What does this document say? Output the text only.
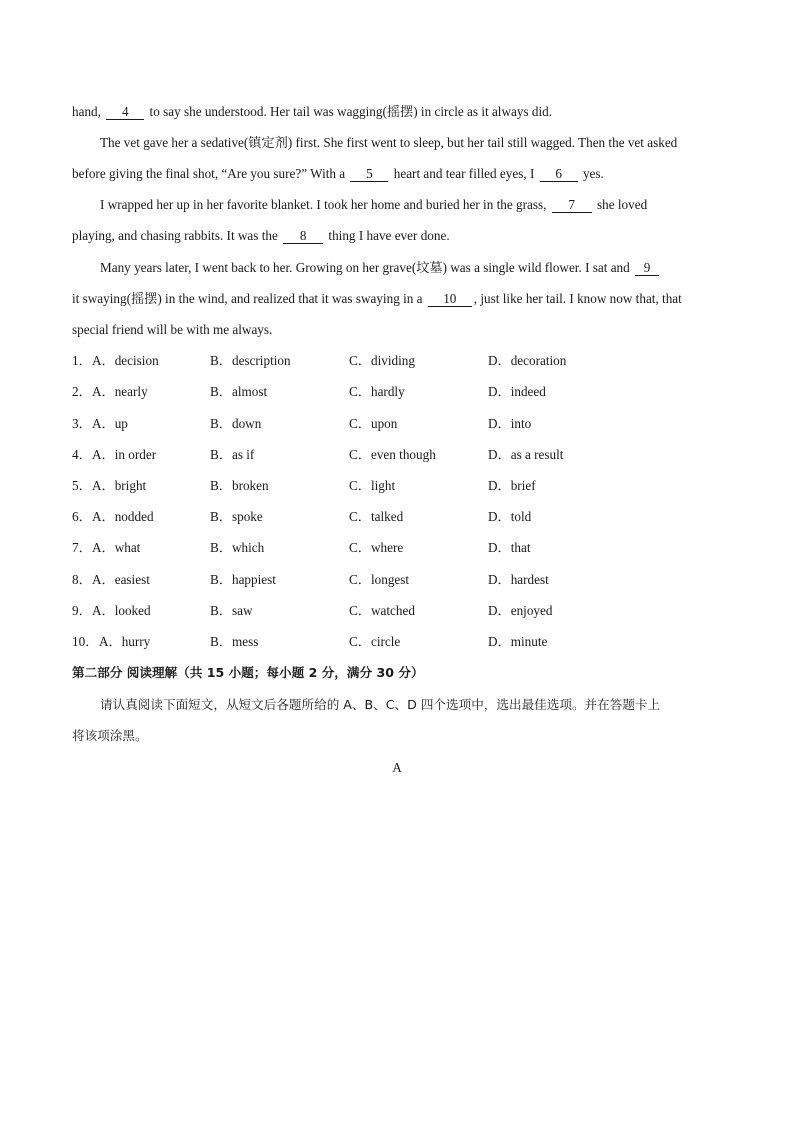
hand, 4 to say she understood. Her tail was wagging(摇摆) in circle as it always did.
The vet gave her a sedative(镇定剂) first. She first went to sleep, but her tail still wagged. Then the vet asked
before giving the final shot, “Are you sure?” With a 5 heart and tear filled eyes, I 6 yes.
I wrapped her up in her favorite blanket. I took her home and buried her in the grass, 7 she loved
playing, and chasing rabbits. It was the 8 thing I have ever done.
Many years later, I went back to her. Growing on her grave(坟墓) was a single wild flower. I sat and 9
it swaying(摇摆) in the wind, and realized that it was swaying in a 10 , just like her tail. I know now that, that
special friend will be with me always.
1． A．decision	B．description	C．dividing	D．decoration
2． A．nearly	B．almost	C．hardly	D．indeed
3． A．up	B．down	C．upon	D．into
4． A．in order	B．as if	C．even though	D．as a result
5． A．bright	B．broken	C．light	D．brief
6． A．nodded	B．spoke	C．talked	D．told
7． A．what	B．which	C．where	D．that
8． A．easiest	B．happiest	C．longest	D．hardest
9． A．looked	B．saw	C．watched	D．enjoyed
10． A．hurry	B．mess	C．circle	D．minute
第二部分 阅读理解（共 15 小题；每小题 2 分，满分 30 分）
请认真阅读下面短文，从短文后各题所给的 A、B、C、D 四个选项中，选出最佳选项。并在答题卡上
将该项涂黑。
A
